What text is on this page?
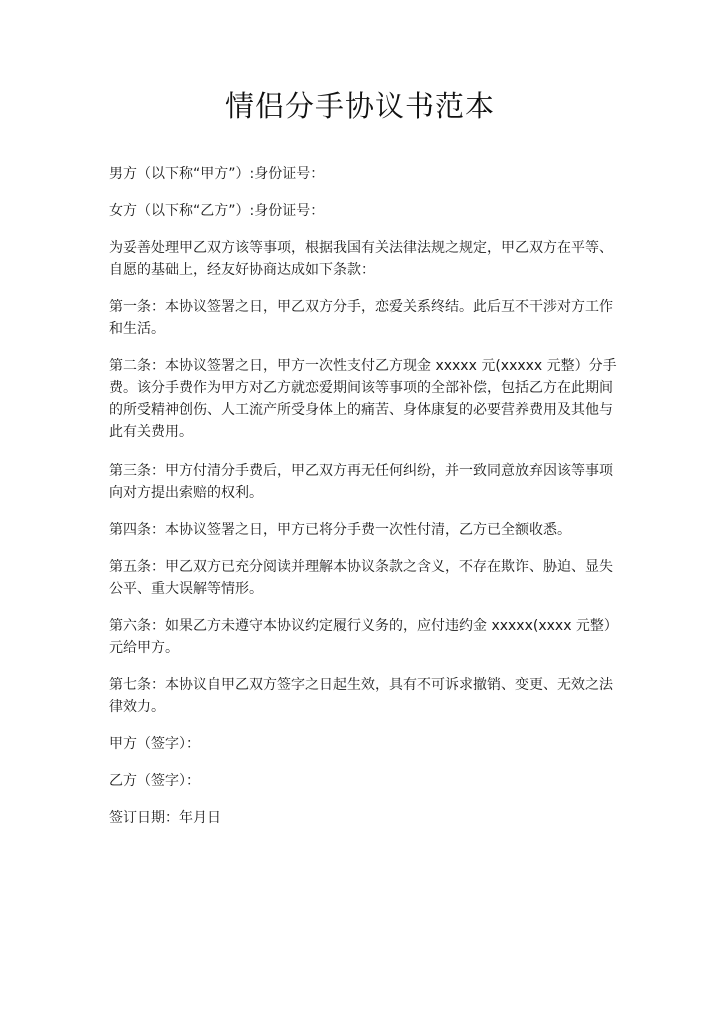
情侣分手协议书范本

男方（以下称“甲方”）:身份证号：

女方（以下称“乙方”）:身份证号：

为妥善处理甲乙双方该等事项，根据我国有关法律法规之规定，甲乙双方在平等、自愿的基础上，经友好协商达成如下条款：

第一条：本协议签署之日，甲乙双方分手，恋爱关系终结。此后互不干涉对方工作和生活。

第二条：本协议签署之日，甲方一次性支付乙方现金 xxxxx 元(xxxxx 元整）分手费。该分手费作为甲方对乙方就恋爱期间该等事项的全部补偿，包括乙方在此期间的所受精神创伤、人工流产所受身体上的痛苦、身体康复的必要营养费用及其他与此有关费用。

第三条：甲方付清分手费后，甲乙双方再无任何纠纷，并一致同意放弃因该等事项向对方提出索赔的权利。

第四条：本协议签署之日，甲方已将分手费一次性付清，乙方已全额收悉。

第五条：甲乙双方已充分阅读并理解本协议条款之含义，不存在欺诈、胁迫、显失公平、重大误解等情形。

第六条：如果乙方未遵守本协议约定履行义务的，应付违约金 xxxxx(xxxx 元整）元给甲方。

第七条：本协议自甲乙双方签字之日起生效，具有不可诉求撤销、变更、无效之法律效力。

甲方（签字）：

乙方（签字）：

签订日期：年月日
